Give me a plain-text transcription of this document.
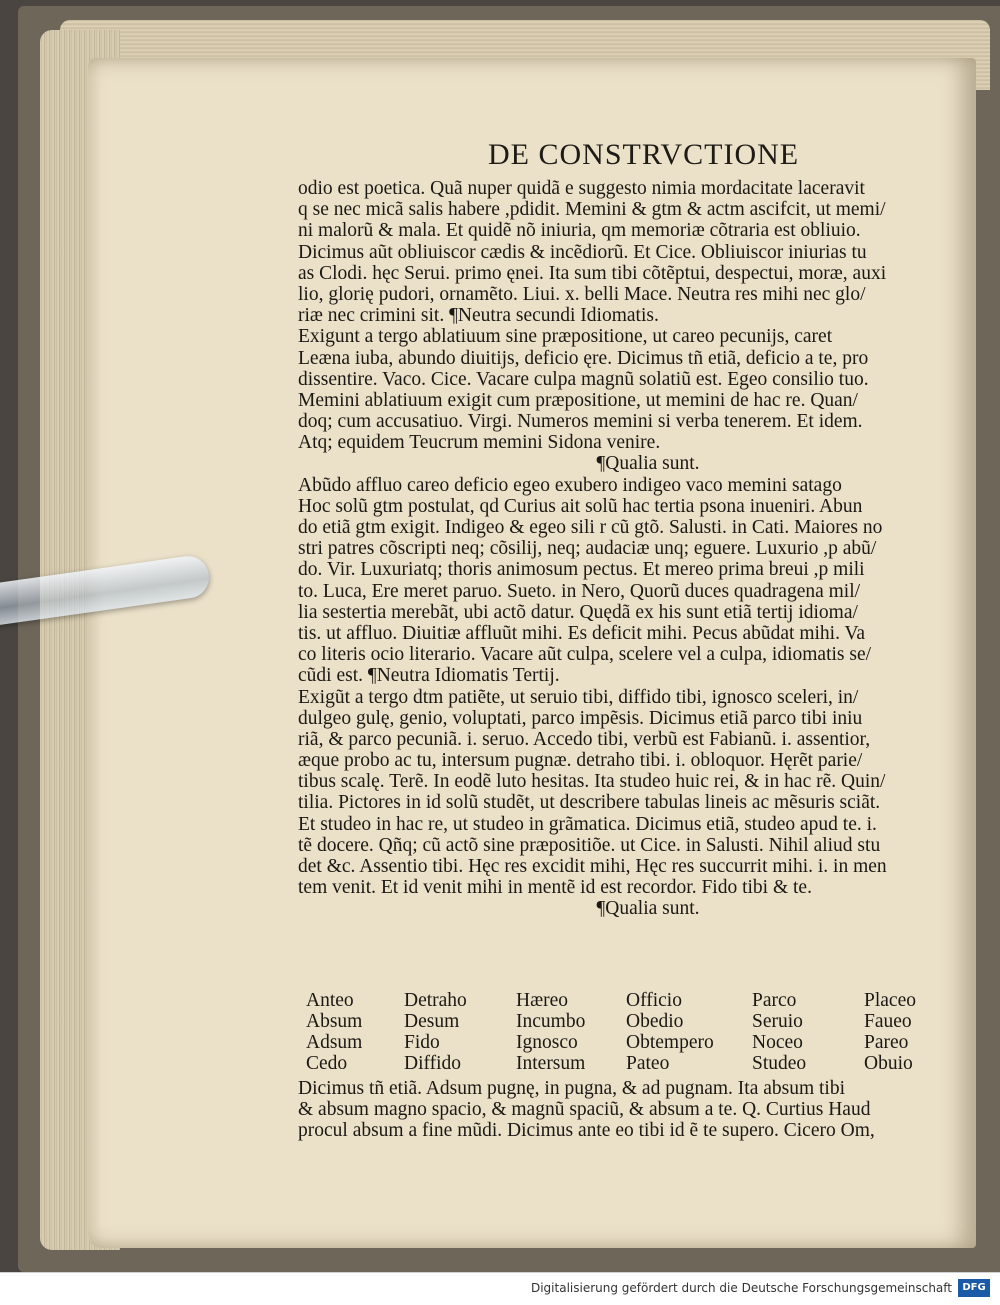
DE CONSTRVCTIONE
odio est poetica. Quã nuper quidã e suggesto nimia mordacitate laceravit
q se nec micã salis habere ,pdidit. Memini & gtm & actm ascifcit, ut memi/
ni malorũ & mala. Et quidẽ nõ iniuria, qm memoriæ cõtraria est obliuio.
Dicimus aũt obliuiscor cædis & incẽdiorũ. Et Cice. Obliuiscor iniurias tu
as Clodi. hęc Serui. primo ęnei. Ita sum tibi cõtẽptui, despectui, moræ, auxi
lio, glorię pudori, ornamẽto. Liui. x. belli Mace. Neutra res mihi nec glo/
riæ nec crimini sit. ¶Neutra secundi Idiomatis.
Exigunt a tergo ablatiuum sine præpositione, ut careo pecunijs, caret
Leæna iuba, abundo diuitijs, deficio ęre. Dicimus tñ etiã, deficio a te, pro
dissentire. Vaco. Cice. Vacare culpa magnũ solatiũ est. Egeo consilio tuo.
Memini ablatiuum exigit cum præpositione, ut memini de hac re. Quan/
doq; cum accusatiuo. Virgi. Numeros memini si verba tenerem. Et idem.
Atq; equidem Teucrum memini Sidona venire.
¶Qualia sunt.
Abũdo affluo careo deficio egeo exubero indigeo vaco memini satago
Hoc solũ gtm postulat, qd Curius ait solũ hac tertia psona inueniri. Abun
do etiã gtm exigit. Indigeo & egeo sili r cũ gtõ. Salusti. in Cati. Maiores no
stri patres cõscripti neq; cõsilij, neq; audaciæ unq; eguere. Luxurio ,p abũ/
do. Vir. Luxuriatq; thoris animosum pectus. Et mereo prima breui ,p mili
to. Luca, Ere meret paruo. Sueto. in Nero, Quorũ duces quadragena mil/
lia sestertia merebãt, ubi actõ datur. Quędã ex his sunt etiã tertij idioma/
tis. ut affluo. Diuitiæ affluũt mihi. Es deficit mihi. Pecus abũdat mihi. Va
co literis ocio literario. Vacare aũt culpa, scelere vel a culpa, idiomatis se/
cũdi est. ¶Neutra Idiomatis Tertij.
Exigũt a tergo dtm patiẽte, ut seruio tibi, diffido tibi, ignosco sceleri, in/
dulgeo gulę, genio, voluptati, parco impẽsis. Dicimus etiã parco tibi iniu
riã, & parco pecuniã. i. seruo. Accedo tibi, verbũ est Fabianũ. i. assentior,
æque probo ac tu, intersum pugnæ. detraho tibi. i. obloquor. Hęrẽt parie/
tibus scalę. Terẽ. In eodẽ luto hesitas. Ita studeo huic rei, & in hac rẽ. Quin/
tilia. Pictores in id solũ studẽt, ut describere tabulas lineis ac mẽsuris sciãt.
Et studeo in hac re, ut studeo in grãmatica. Dicimus etiã, studeo apud te. i.
tẽ docere. Qñq; cũ actõ sine præpositiõe. ut Cice. in Salusti. Nihil aliud stu
det &c. Assentio tibi. Hęc res excidit mihi, Hęc res succurrit mihi. i. in men
tem venit. Et id venit mihi in mentẽ id est recordor. Fido tibi & te.
¶Qualia sunt.
Anteo	Detraho	Hæreo	Officio	Parco	Placeo
Absum	Desum	Incumbo	Obedio	Seruio	Faueo
Adsum	Fido	Ignosco	Obtempero	Noceo	Pareo
Cedo	Diffido	Intersum	Pateo	Studeo	Obuio
Dicimus tñ etiã. Adsum pugnę, in pugna, & ad pugnam. Ita absum tibi
& absum magno spacio, & magnũ spaciũ, & absum a te. Q. Curtius Haud
procul absum a fine mũdi. Dicimus ante eo tibi id ẽ te supero. Cicero Om,
Digitalisierung gefördert durch die Deutsche Forschungsgemeinschaft	DFG
